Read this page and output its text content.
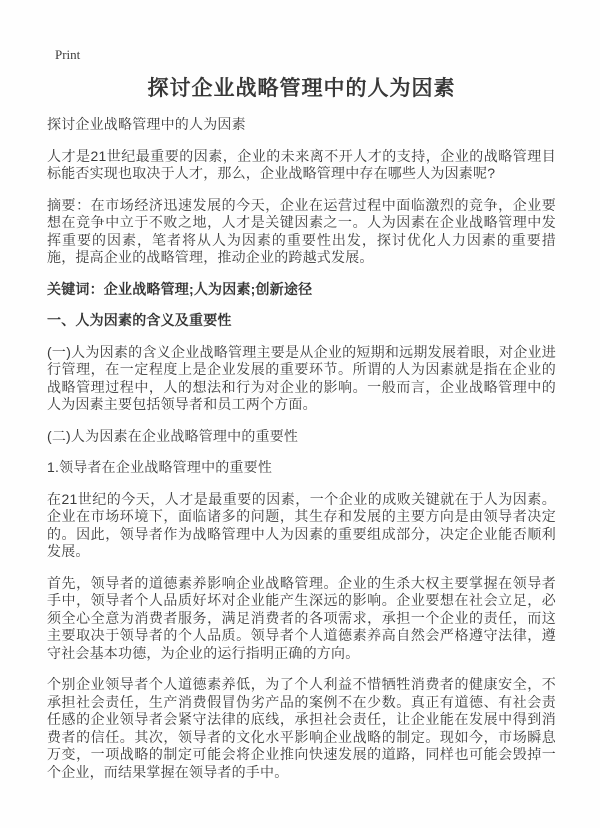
Print
探讨企业战略管理中的人为因素

探讨企业战略管理中的人为因素

人才是21世纪最重要的因素，企业的未来离不开人才的支持，企业的战略管理目标能否实现也取决于人才，那么，企业战略管理中存在哪些人为因素呢?

摘要：在市场经济迅速发展的今天，企业在运营过程中面临激烈的竞争，企业要想在竞争中立于不败之地，人才是关键因素之一。人为因素在企业战略管理中发挥重要的因素，笔者将从人为因素的重要性出发，探讨优化人力因素的重要措施，提高企业的战略管理，推动企业的跨越式发展。

关键词：企业战略管理;人为因素;创新途径

一、人为因素的含义及重要性

(一)人为因素的含义企业战略管理主要是从企业的短期和远期发展着眼，对企业进行管理，在一定程度上是企业发展的重要环节。所谓的人为因素就是指在企业的战略管理过程中，人的想法和行为对企业的影响。一般而言，企业战略管理中的人为因素主要包括领导者和员工两个方面。

(二)人为因素在企业战略管理中的重要性

1.领导者在企业战略管理中的重要性

在21世纪的今天，人才是最重要的因素，一个企业的成败关键就在于人为因素。企业在市场环境下，面临诸多的问题，其生存和发展的主要方向是由领导者决定的。因此，领导者作为战略管理中人为因素的重要组成部分，决定企业能否顺利发展。

首先，领导者的道德素养影响企业战略管理。企业的生杀大权主要掌握在领导者手中，领导者个人品质好坏对企业能产生深远的影响。企业要想在社会立足，必须全心全意为消费者服务，满足消费者的各项需求，承担一个企业的责任，而这主要取决于领导者的个人品质。领导者个人道德素养高自然会严格遵守法律，遵守社会基本功德，为企业的运行指明正确的方向。

个别企业领导者个人道德素养低，为了个人利益不惜牺牲消费者的健康安全，不承担社会责任，生产消费假冒伪劣产品的案例不在少数。真正有道德、有社会责任感的企业领导者会紧守法律的底线，承担社会责任，让企业能在发展中得到消费者的信任。其次，领导者的文化水平影响企业战略的制定。现如今，市场瞬息万变，一项战略的制定可能会将企业推向快速发展的道路，同样也可能会毁掉一个企业，而结果掌握在领导者的手中。
